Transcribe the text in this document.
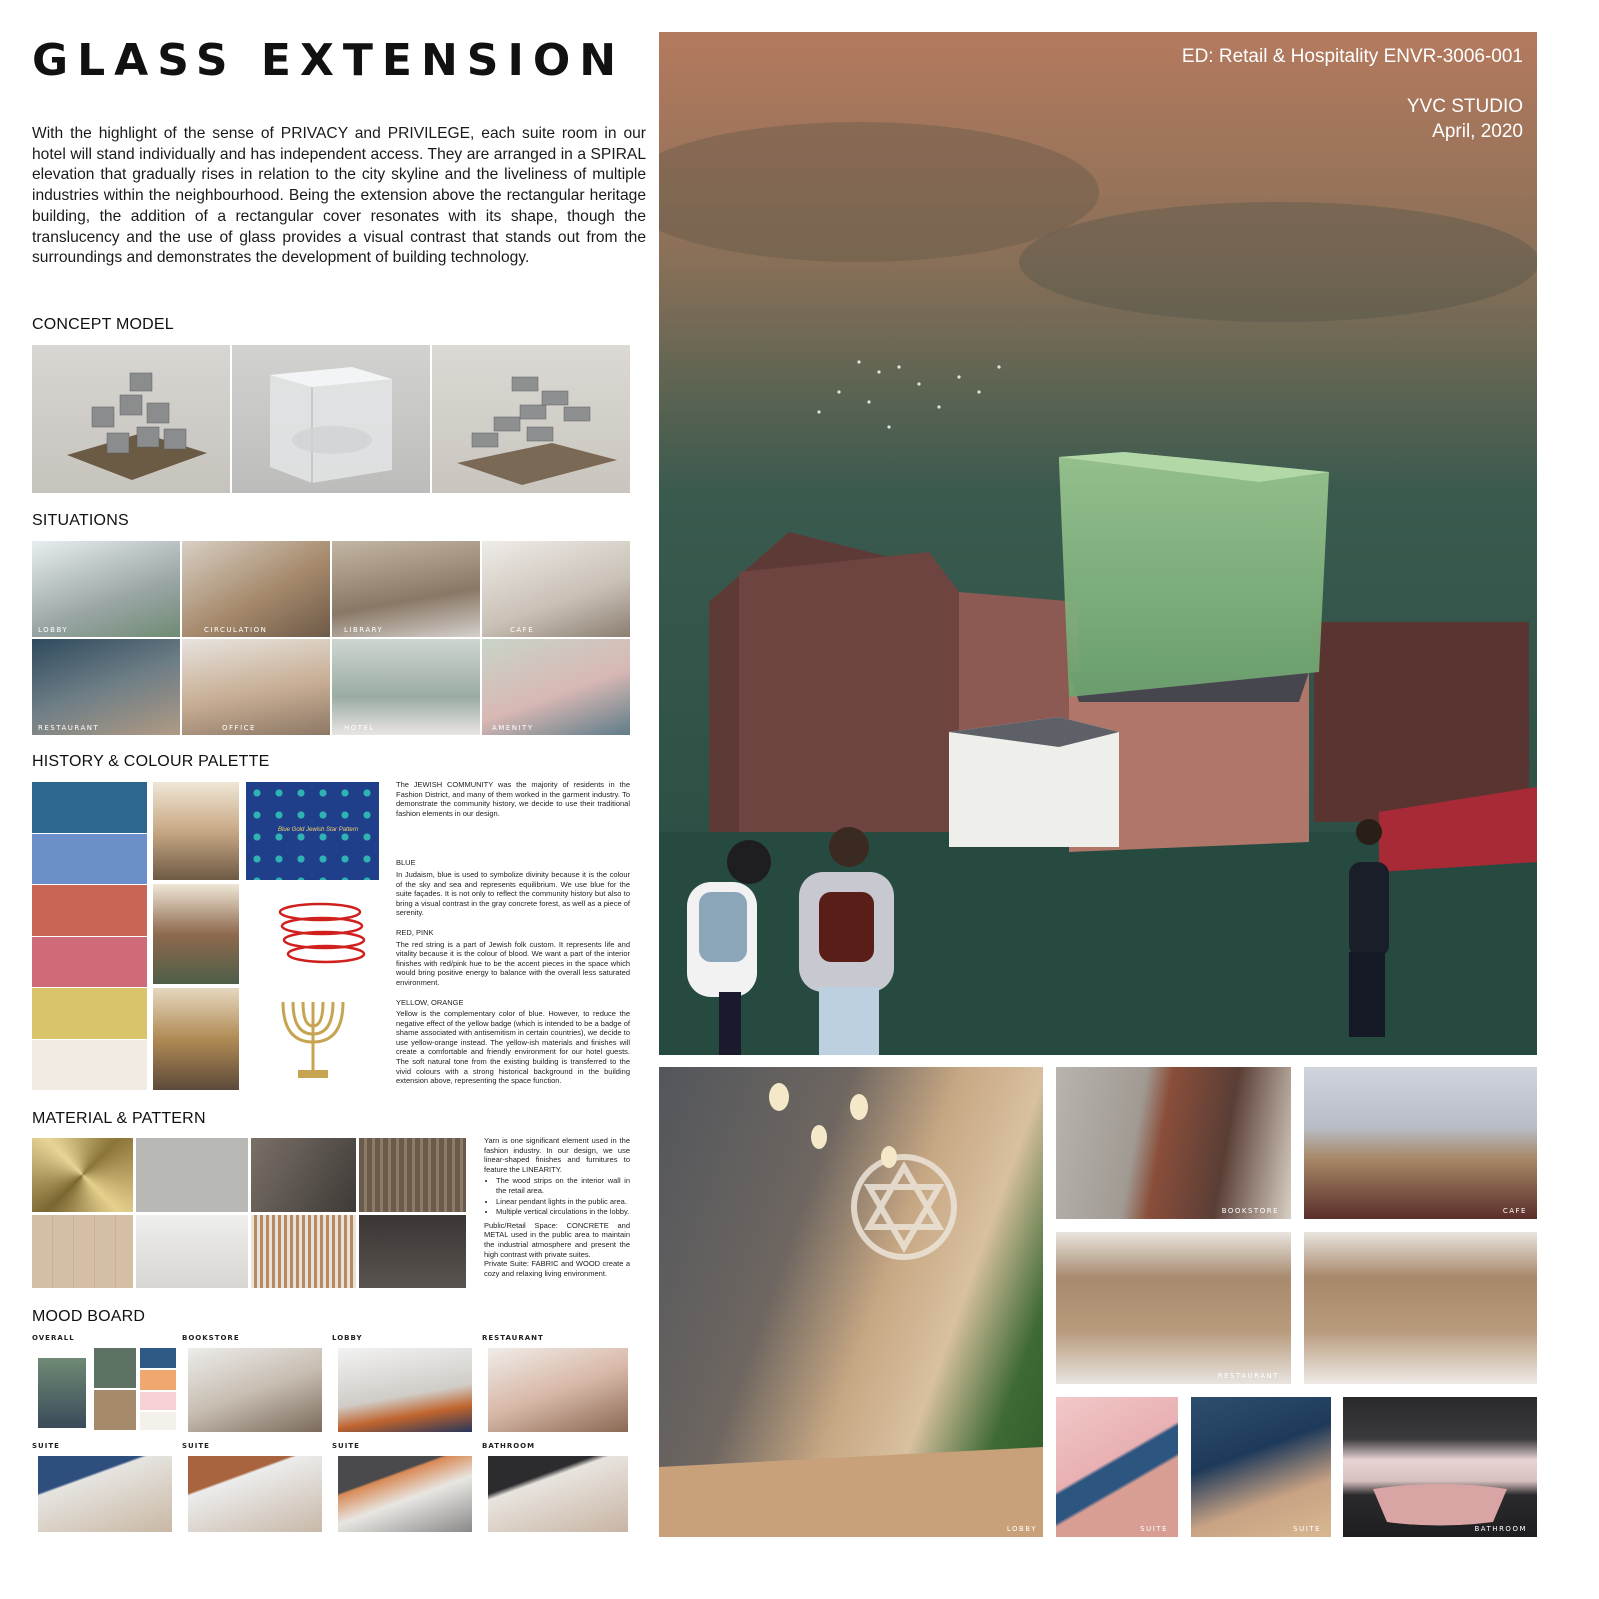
GLASS EXTENSION

With the highlight of the sense of PRIVACY and PRIVILEGE, each suite room in our hotel will stand individually and has independent access. They are arranged in a SPIRAL elevation that gradually rises in relation to the city skyline and the liveliness of multiple industries within the neighbourhood. Being the extension above the rectangular heritage building, the addition of a rectangular cover resonates with its shape, though the translucency and the use of glass provides a visual contrast that stands out from the surroundings and demonstrates the development of building technology.

CONCEPT MODEL
SITUATIONS
LOBBY	CIRCULATION	LIBRARY	CAFE
RESTAURANT	OFFICE	HOTEL	AMENITY
HISTORY & COLOUR PALETTE
Blue Gold Jewish Star Pattern

The JEWISH COMMUNITY was the majority of residents in the Fashion District, and many of them worked in the garment industry. To demonstrate the community history, we decide to use their traditional fashion elements in our design.

BLUE

In Judaism, blue is used to symbolize divinity because it is the colour of the sky and sea and represents equilibrium. We use blue for the suite façades. It is not only to reflect the community history but also to bring a visual contrast in the gray concrete forest, as well as a piece of serenity.

RED, PINK

The red string is a part of Jewish folk custom. It represents life and vitality because it is the colour of blood. We want a part of the interior finishes with red/pink hue to be the accent pieces in the space which would bring positive energy to balance with the overall less saturated environment.

YELLOW, ORANGE

Yellow is the complementary color of blue. However, to reduce the negative effect of the yellow badge (which is intended to be a badge of shame associated with antisemitism in certain countries), we decide to use yellow-orange instead. The yellow-ish materials and finishes will create a comfortable and friendly environment for our hotel guests. The soft natural tone from the existing building is transferred to the vivid colours with a strong historical background in the building extension above, representing the space function.

MATERIAL & PATTERN

Yarn is one significant element used in the fashion industry. In our design, we use linear-shaped finishes and furnitures to feature the LINEARITY.

• The wood strips on the interior wall in the retail area.
• Linear pendant lights in the public area.
• Multiple vertical circulations in the lobby.

Public/Retail Space: CONCRETE and METAL used in the public area to maintain the industrial atmosphere and present the high contrast with private suites.

Private Suite: FABRIC and WOOD create a cozy and relaxing living environment.

MOOD BOARD
OVERALL	BOOKSTORE	LOBBY	RESTAURANT
SUITE	SUITE	SUITE	BATHROOM
ED: Retail & Hospitality ENVR-3006-001
YVC STUDIO
April, 2020
LOBBY
BOOKSTORE	CAFE
RESTAURANT
SUITE	SUITE	BATHROOM
